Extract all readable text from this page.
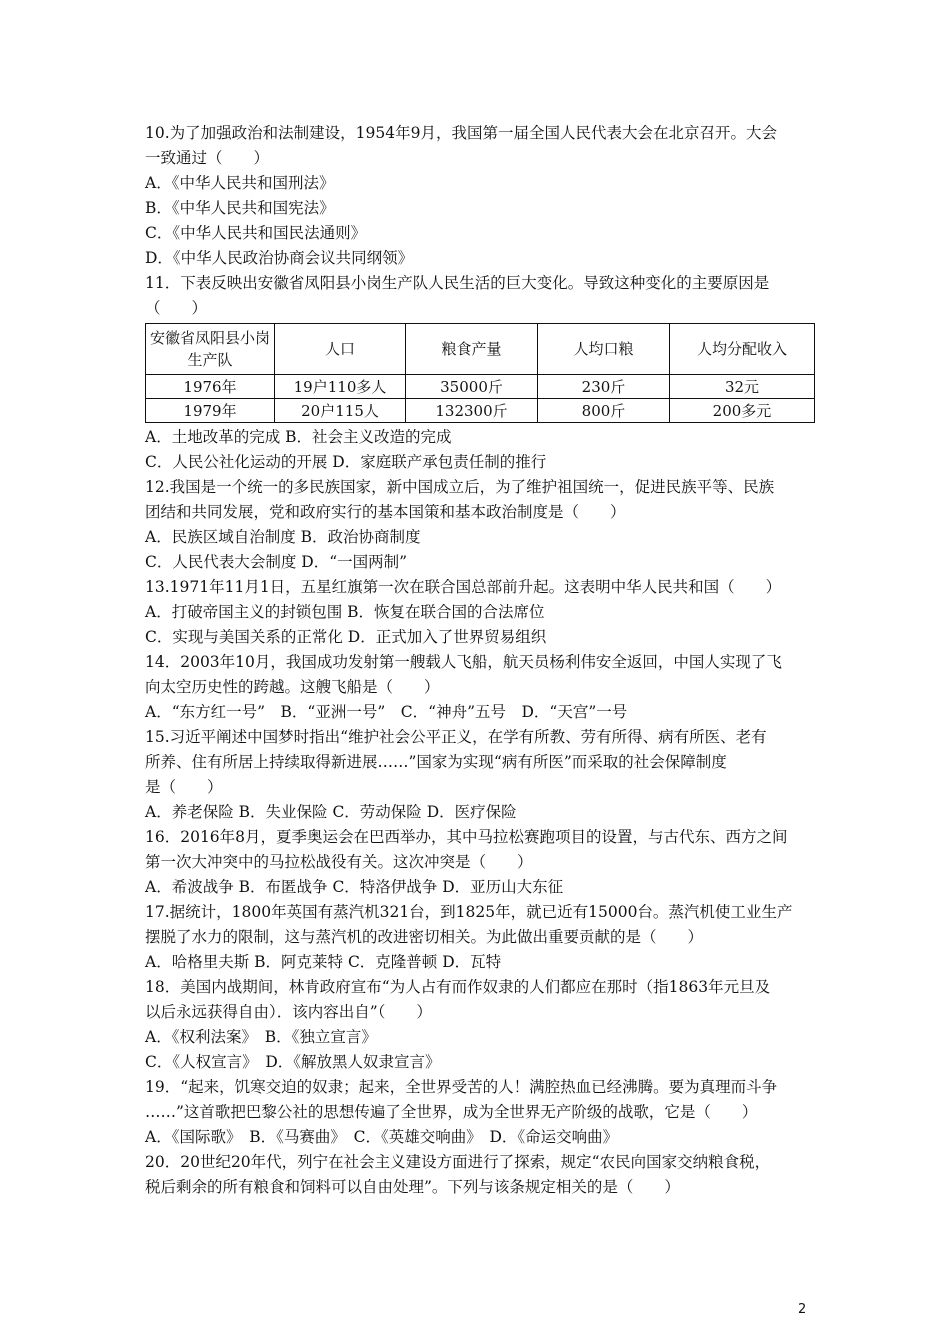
10.为了加强政治和法制建设，1954年9月，我国第一届全国人民代表大会在北京召开。大会
一致通过（　　）
A．《中华人民共和国刑法》
B．《中华人民共和国宪法》
C．《中华人民共和国民法通则》
D．《中华人民政治协商会议共同纲领》
11．下表反映出安徽省凤阳县小岗生产队人民生活的巨大变化。导致这种变化的主要原因是
（　　）
安徽省凤阳县小岗生产队	人口	粮食产量	人均口粮	人均分配收入
1976年	19户110多人	35000斤	230斤	32元
1979年	20户115人	132300斤	800斤	200多元
A．土地改革的完成 B．社会主义改造的完成
C．人民公社化运动的开展 D．家庭联产承包责任制的推行
12.我国是一个统一的多民族国家，新中国成立后，为了维护祖国统一，促进民族平等、民族
团结和共同发展，党和政府实行的基本国策和基本政治制度是（　　）
A．民族区域自治制度 B．政治协商制度
C．人民代表大会制度 D．“一国两制”
13.1971年11月1日，五星红旗第一次在联合国总部前升起。这表明中华人民共和国（　　）
A．打破帝国主义的封锁包围 B．恢复在联合国的合法席位
C．实现与美国关系的正常化 D．正式加入了世界贸易组织
14．2003年10月，我国成功发射第一艘载人飞船，航天员杨利伟安全返回，中国人实现了飞
向太空历史性的跨越。这艘飞船是（　　）
A．“东方红一号”　B．“亚洲一号”　C．“神舟”五号　D．“天宫”一号
15.习近平阐述中国梦时指出“维护社会公平正义，在学有所教、劳有所得、病有所医、老有
所养、住有所居上持续取得新进展……”国家为实现“病有所医”而采取的社会保障制度
是（　　）
A．养老保险 B．失业保险 C．劳动保险 D．医疗保险
16．2016年8月，夏季奥运会在巴西举办，其中马拉松赛跑项目的设置，与古代东、西方之间
第一次大冲突中的马拉松战役有关。这次冲突是（　　）
A．希波战争 B．布匿战争 C．特洛伊战争 D．亚历山大东征
17.据统计，1800年英国有蒸汽机321台，到1825年，就已近有15000台。蒸汽机使工业生产
摆脱了水力的限制，这与蒸汽机的改进密切相关。为此做出重要贡献的是（　　）
A．哈格里夫斯 B．阿克莱特 C．克隆普顿 D．瓦特
18．美国内战期间，林肯政府宣布“为人占有而作奴隶的人们都应在那时（指1863年元旦及
以后永远获得自由）．该内容出自”（　　）
A．《权利法案》　B．《独立宣言》
C．《人权宣言》　D．《解放黑人奴隶宣言》
19．“起来，饥寒交迫的奴隶；起来，全世界受苦的人！满腔热血已经沸腾。要为真理而斗争
……”这首歌把巴黎公社的思想传遍了全世界，成为全世界无产阶级的战歌，它是（　　）
A．《国际歌》　B．《马赛曲》　C．《英雄交响曲》　D．《命运交响曲》
20．20世纪20年代，列宁在社会主义建设方面进行了探索，规定“农民向国家交纳粮食税，
税后剩余的所有粮食和饲料可以自由处理”。下列与该条规定相关的是（　　）
2
